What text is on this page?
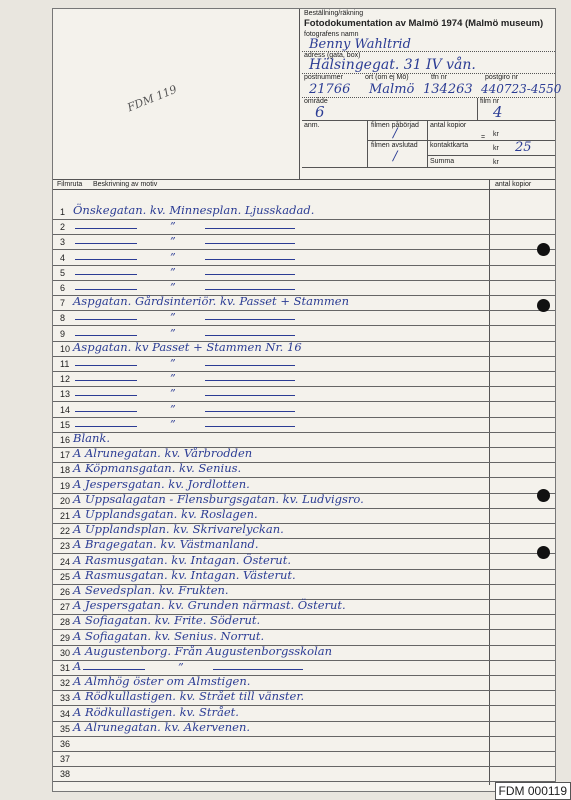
Beställning/räkning
Fotodokumentation av Malmö 1974 (Malmö museum)
fotografens namn
Benny Wahltrid
adress (gata, box)
Hälsingegat. 31 IV vån.
postnummer	ort (om ej Mö)	tfn nr	postgiro nr
21766 Malmö 134263 440723-4550
område	film nr
6	4
anm.	filmen påbörjad
/
antal kopior
= kr
filmen avslutad
/
kontaktkarta	kr 25
Summa	kr
Filmruta Beskrivning av motiv	antal kopior
1 Önskegatan. kv. Minnesplan. Ljusskadad.
2	”
3	”
4	”
5	”
6	”
7 Aspgatan. Gårdsinteriör. kv. Passet + Stammen
8	”
9	”
10 Aspgatan. kv Passet + Stammen Nr. 16
11	”
12	”
13	”
14	”
15	”
16 Blank.
17 A Alrunegatan. kv. Vårbrodden
18 A Köpmansgatan. kv. Senius.
19 A Jespersgatan. kv. Jordlotten.
20 A Uppsalagatan - Flensburgsgatan. kv. Ludvigsro.
21 A Upplandsgatan. kv. Roslagen.
22 A Upplandsplan. kv. Skrivarelyckan.
23 A Bragegatan. kv. Västmanland.
24 A Rasmusgatan. kv. Intagan. Österut.
25 A Rasmusgatan. kv. Intagan. Västerut.
26 A Sevedsplan. kv. Frukten.
27 A Jespersgatan. kv. Grunden närmast. Österut.
28 A Sofiagatan. kv. Frite. Söderut.
29 A Sofiagatan. kv. Senius. Norrut.
30 A Augustenborg. Från Augustenborgsskolan
31 A	”
32 A Almhög öster om Almstigen.
33 A Rödkullastigen. kv. Strået till vänster.
34 A Rödkullastigen. kv. Strået.
35 A Alrunegatan. kv. Akervenen.
36
37
38
FDM 119
FDM 000119
